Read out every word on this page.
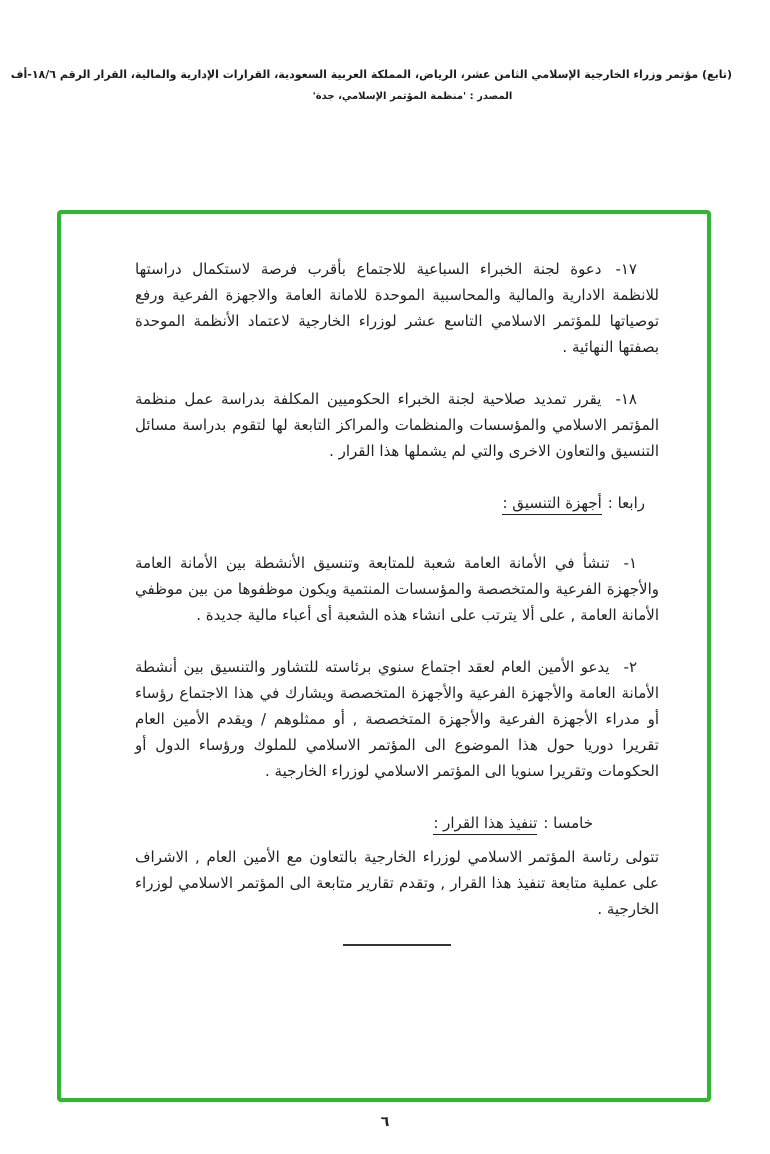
(تابع) مؤتمر وزراء الخارجية الإسلامي الثامن عشر، الرياض، المملكة العربية السعودية، القرارات الإدارية والمالية، القرار الرقم ١٨/٦-أف
المصدر : 'منظمة المؤتمر الإسلامي، جدة'
١٧-دعوة لجنة الخبراء السباعية للاجتماع بأقرب فرصة لاستكمال دراستها للانظمة الادارية والمالية والمحاسبية الموحدة للامانة العامة والاجهزة الفرعية ورفع توصياتها للمؤتمر الاسلامي التاسع عشر لوزراء الخارجية لاعتماد الأنظمة الموحدة بصفتها النهائية .
١٨-يقرر تمديد صلاحية لجنة الخبراء الحكوميين المكلفة بدراسة عمل منظمة المؤتمر الاسلامي والمؤسسات والمنظمات والمراكز التابعة لها لتقوم بدراسة مسائل التنسيق والتعاون الاخرى والتي لم يشملها هذا القرار .
رابعا :أجهزة التنسيق :
١-تنشأ في الأمانة العامة شعبة للمتابعة وتنسيق الأنشطة بين الأمانة العامة والأجهزة الفرعية والمتخصصة والمؤسسات المنتمية ويكون موظفوها من بين موظفي الأمانة العامة , على ألا يترتب على انشاء هذه الشعبة أى أعباء مالية جديدة .
٢-يدعو الأمين العام لعقد اجتماع سنوي برئاسته للتشاور والتنسيق بين أنشطة الأمانة العامة والأجهزة الفرعية والأجهزة المتخصصة ويشارك في هذا الاجتماع رؤساء أو مدراء الأجهزة الفرعية والأجهزة المتخصصة , أو ممثلوهم / ويقدم الأمين العام تقريرا دوريا حول هذا الموضوع الى المؤتمر الاسلامي للملوك ورؤساء الدول أو الحكومات وتقريرا سنويا الى المؤتمر الاسلامي لوزراء الخارجية .
خامسا :تنفيذ هذا القرار :

تتولى رئاسة المؤتمر الاسلامي لوزراء الخارجية بالتعاون مع الأمين العام , الاشراف على عملية متابعة تنفيذ هذا القرار , وتقدم تقارير متابعة الى المؤتمر الاسلامي لوزراء الخارجية .

٦
